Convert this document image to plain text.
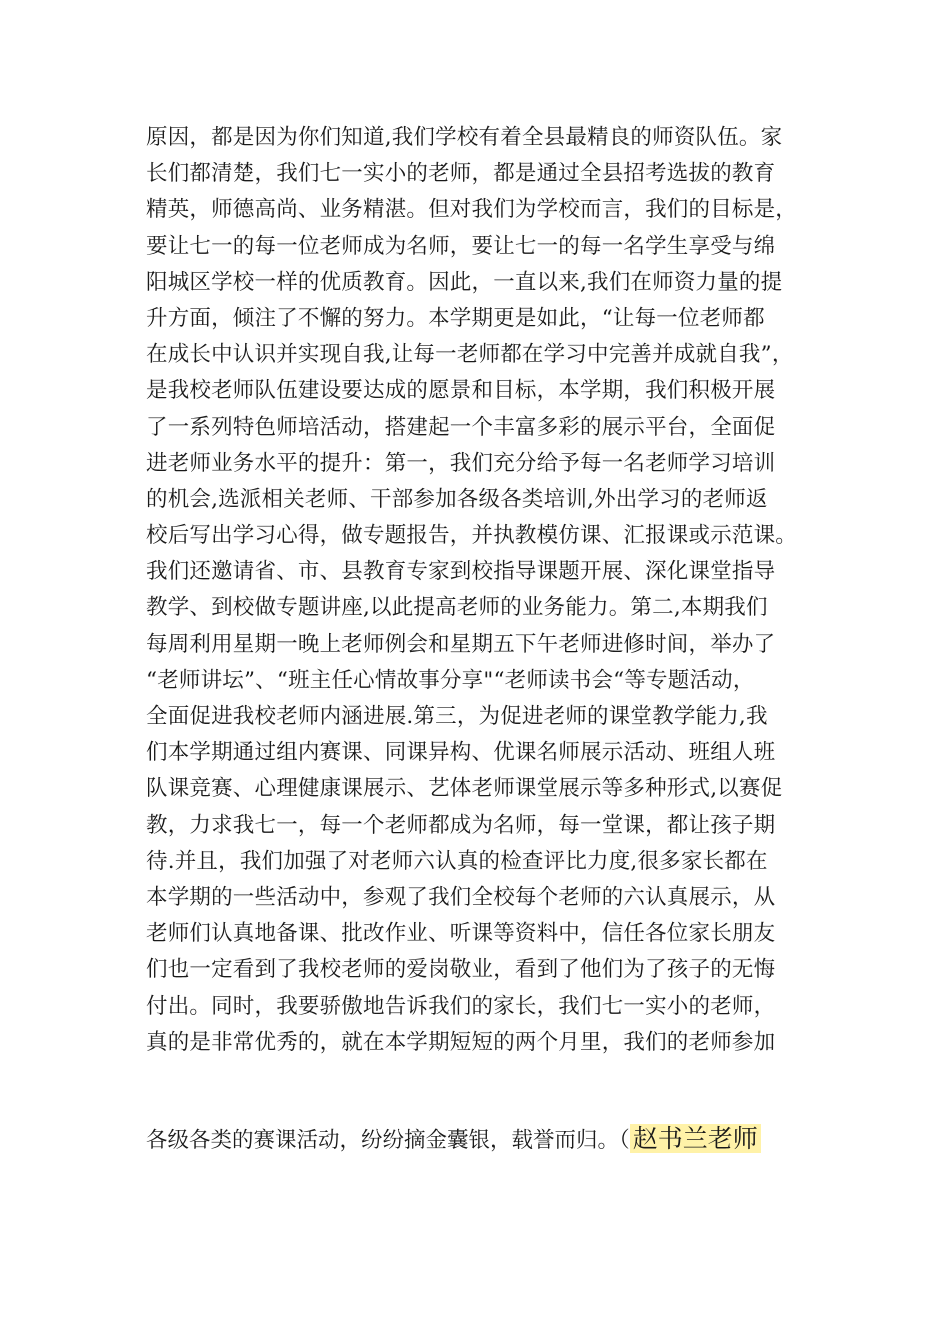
原因，都是因为你们知道,我们学校有着全县最精良的师资队伍。家
长们都清楚，我们七一实小的老师，都是通过全县招考选拔的教育
精英，师德高尚、业务精湛。但对我们为学校而言，我们的目标是，
要让七一的每一位老师成为名师，要让七一的每一名学生享受与绵
阳城区学校一样的优质教育。因此，一直以来,我们在师资力量的提
升方面，倾注了不懈的努力。本学期更是如此，“让每一位老师都
在成长中认识并实现自我,让每一老师都在学习中完善并成就自我”，
是我校老师队伍建设要达成的愿景和目标，本学期，我们积极开展
了一系列特色师培活动，搭建起一个丰富多彩的展示平台，全面促
进老师业务水平的提升：第一，我们充分给予每一名老师学习培训
的机会,选派相关老师、干部参加各级各类培训,外出学习的老师返
校后写出学习心得，做专题报告，并执教模仿课、汇报课或示范课。
我们还邀请省、市、县教育专家到校指导课题开展、深化课堂指导
教学、到校做专题讲座,以此提高老师的业务能力。第二,本期我们
每周利用星期一晚上老师例会和星期五下午老师进修时间，举办了
“老师讲坛”、“班主任心情故事分享"“老师读书会“等专题活动，
全面促进我校老师内涵进展.第三，为促进老师的课堂教学能力,我
们本学期通过组内赛课、同课异构、优课名师展示活动、班组人班
队课竞赛、心理健康课展示、艺体老师课堂展示等多种形式,以赛促
教，力求我七一，每一个老师都成为名师，每一堂课，都让孩子期
待.并且，我们加强了对老师六认真的检查评比力度,很多家长都在
本学期的一些活动中，参观了我们全校每个老师的六认真展示，从
老师们认真地备课、批改作业、听课等资料中，信任各位家长朋友
们也一定看到了我校老师的爱岗敬业，看到了他们为了孩子的无悔
付出。同时，我要骄傲地告诉我们的家长，我们七一实小的老师，
真的是非常优秀的，就在本学期短短的两个月里，我们的老师参加
各级各类的赛课活动，纷纷摘金囊银，载誉而归。（ 赵书兰老师
